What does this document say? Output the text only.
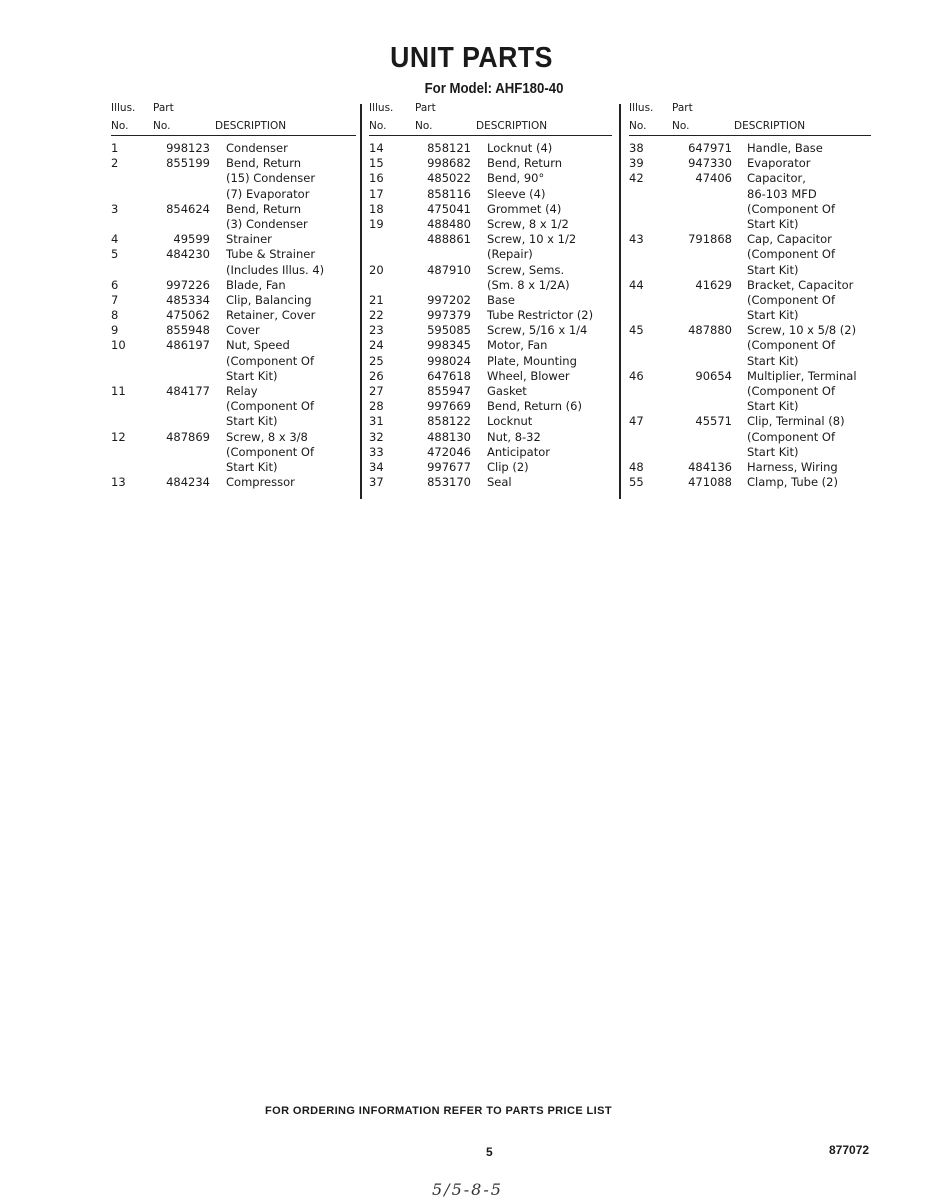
UNIT PARTS
For Model: AHF180-40
Illus.
No.
Part
No.	DESCRIPTION
1	998123 Condenser
2	855199 Bend, Return
(15) Condenser
(7) Evaporator
3	854624 Bend, Return
(3) Condenser
4	49599 Strainer
5	484230 Tube & Strainer
(Includes Illus. 4)
6	997226 Blade, Fan
7	485334 Clip, Balancing
8	475062 Retainer, Cover
9	855948 Cover
10	486197 Nut, Speed
(Component Of
Start Kit)
11	484177 Relay
(Component Of
Start Kit)
12	487869 Screw, 8 x 3/8
(Component Of
Start Kit)
13	484234 Compressor
Illus.
No.
Part
No.	DESCRIPTION
14	858121 Locknut (4)
15	998682 Bend, Return
16	485022 Bend, 90°
17	858116 Sleeve (4)
18	475041 Grommet (4)
19	488480 Screw, 8 x 1/2
488861 Screw, 10 x 1/2
(Repair)
20	487910 Screw, Sems.
(Sm. 8 x 1/2A)
21	997202 Base
22	997379 Tube Restrictor (2)
23	595085 Screw, 5/16 x 1/4
24	998345 Motor, Fan
25	998024 Plate, Mounting
26	647618 Wheel, Blower
27	855947 Gasket
28	997669 Bend, Return (6)
31	858122 Locknut
32	488130 Nut, 8-32
33	472046 Anticipator
34	997677 Clip (2)
37	853170 Seal
Illus.
No.
Part
No.	DESCRIPTION
38	647971 Handle, Base
39	947330 Evaporator
42	47406 Capacitor,
86-103 MFD
(Component Of
Start Kit)
43	791868 Cap, Capacitor
(Component Of
Start Kit)
44	41629 Bracket, Capacitor
(Component Of
Start Kit)
45	487880 Screw, 10 x 5/8 (2)
(Component Of
Start Kit)
46	90654 Multiplier, Terminal
(Component Of
Start Kit)
47	45571 Clip, Terminal (8)
(Component Of
Start Kit)
48	484136 Harness, Wiring
55	471088 Clamp, Tube (2)
FOR ORDERING INFORMATION REFER TO PARTS PRICE LIST
5	877072
5/5-8-5
